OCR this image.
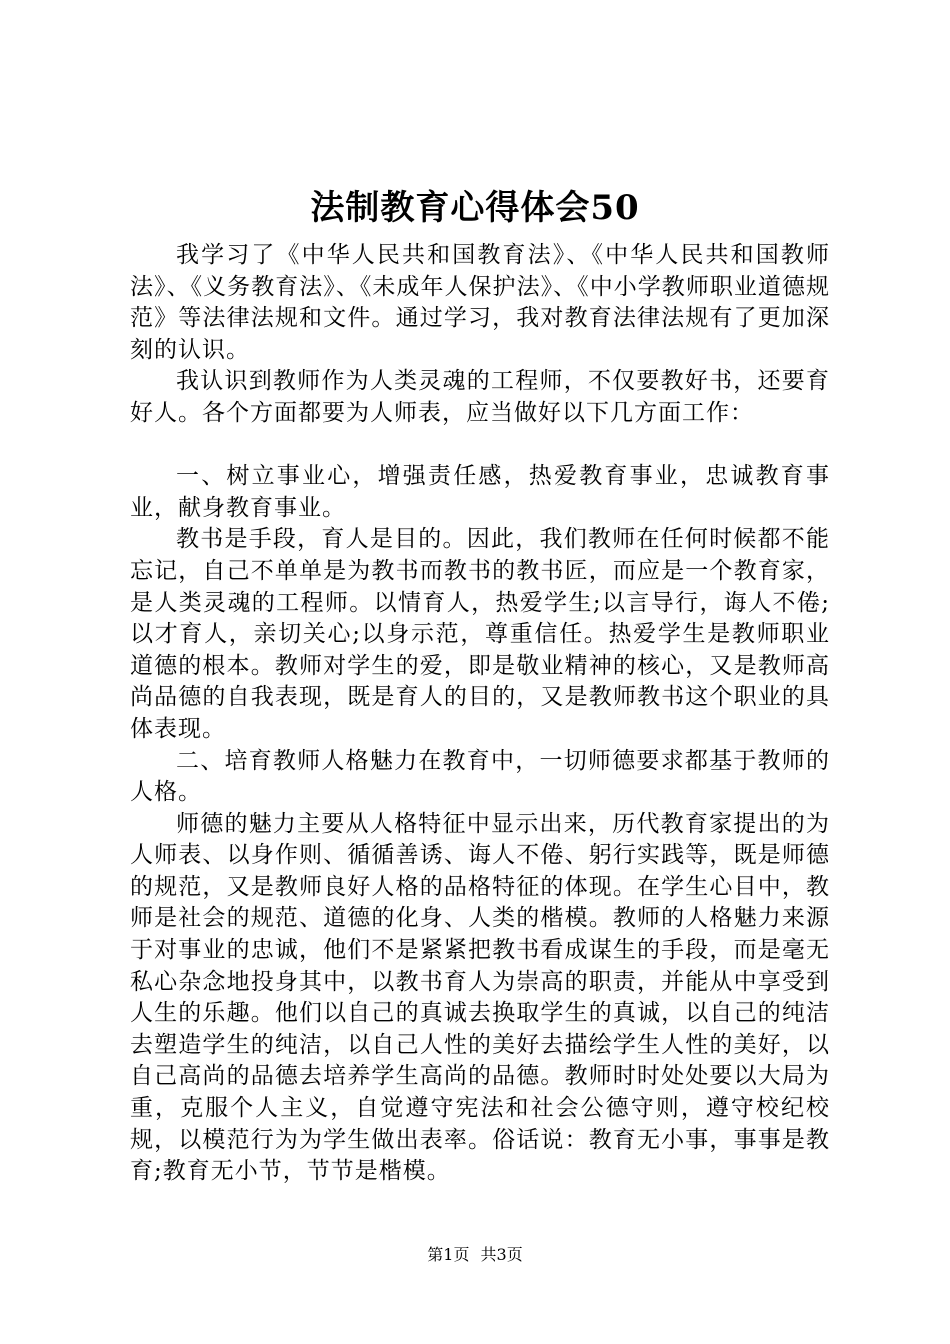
法制教育心得体会50

我学习了《中华人民共和国教育法》、《中华人民共和国教师法》、《义务教育法》、《未成年人保护法》、《中小学教师职业道德规范》等法律法规和文件。通过学习，我对教育法律法规有了更加深刻的认识。

我认识到教师作为人类灵魂的工程师，不仅要教好书，还要育好人。各个方面都要为人师表，应当做好以下几方面工作：

一、树立事业心，增强责任感，热爱教育事业，忠诚教育事业，献身教育事业。

教书是手段，育人是目的。因此，我们教师在任何时候都不能忘记，自己不单单是为教书而教书的教书匠，而应是一个教育家，是人类灵魂的工程师。以情育人，热爱学生;以言导行，诲人不倦;以才育人，亲切关心;以身示范，尊重信任。热爱学生是教师职业道德的根本。教师对学生的爱，即是敬业精神的核心，又是教师高尚品德的自我表现，既是育人的目的，又是教师教书这个职业的具体表现。

二、培育教师人格魅力在教育中，一切师德要求都基于教师的人格。

师德的魅力主要从人格特征中显示出来，历代教育家提出的为人师表、以身作则、循循善诱、诲人不倦、躬行实践等，既是师德的规范，又是教师良好人格的品格特征的体现。在学生心目中，教师是社会的规范、道德的化身、人类的楷模。教师的人格魅力来源于对事业的忠诚，他们不是紧紧把教书看成谋生的手段，而是毫无私心杂念地投身其中，以教书育人为崇高的职责，并能从中享受到人生的乐趣。他们以自己的真诚去换取学生的真诚，以自己的纯洁去塑造学生的纯洁，以自己人性的美好去描绘学生人性的美好，以自己高尚的品德去培养学生高尚的品德。教师时时处处要以大局为重，克服个人主义，自觉遵守宪法和社会公德守则，遵守校纪校规，以模范行为为学生做出表率。俗话说：教育无小事，事事是教育;教育无小节，节节是楷模。

第1页 共3页
